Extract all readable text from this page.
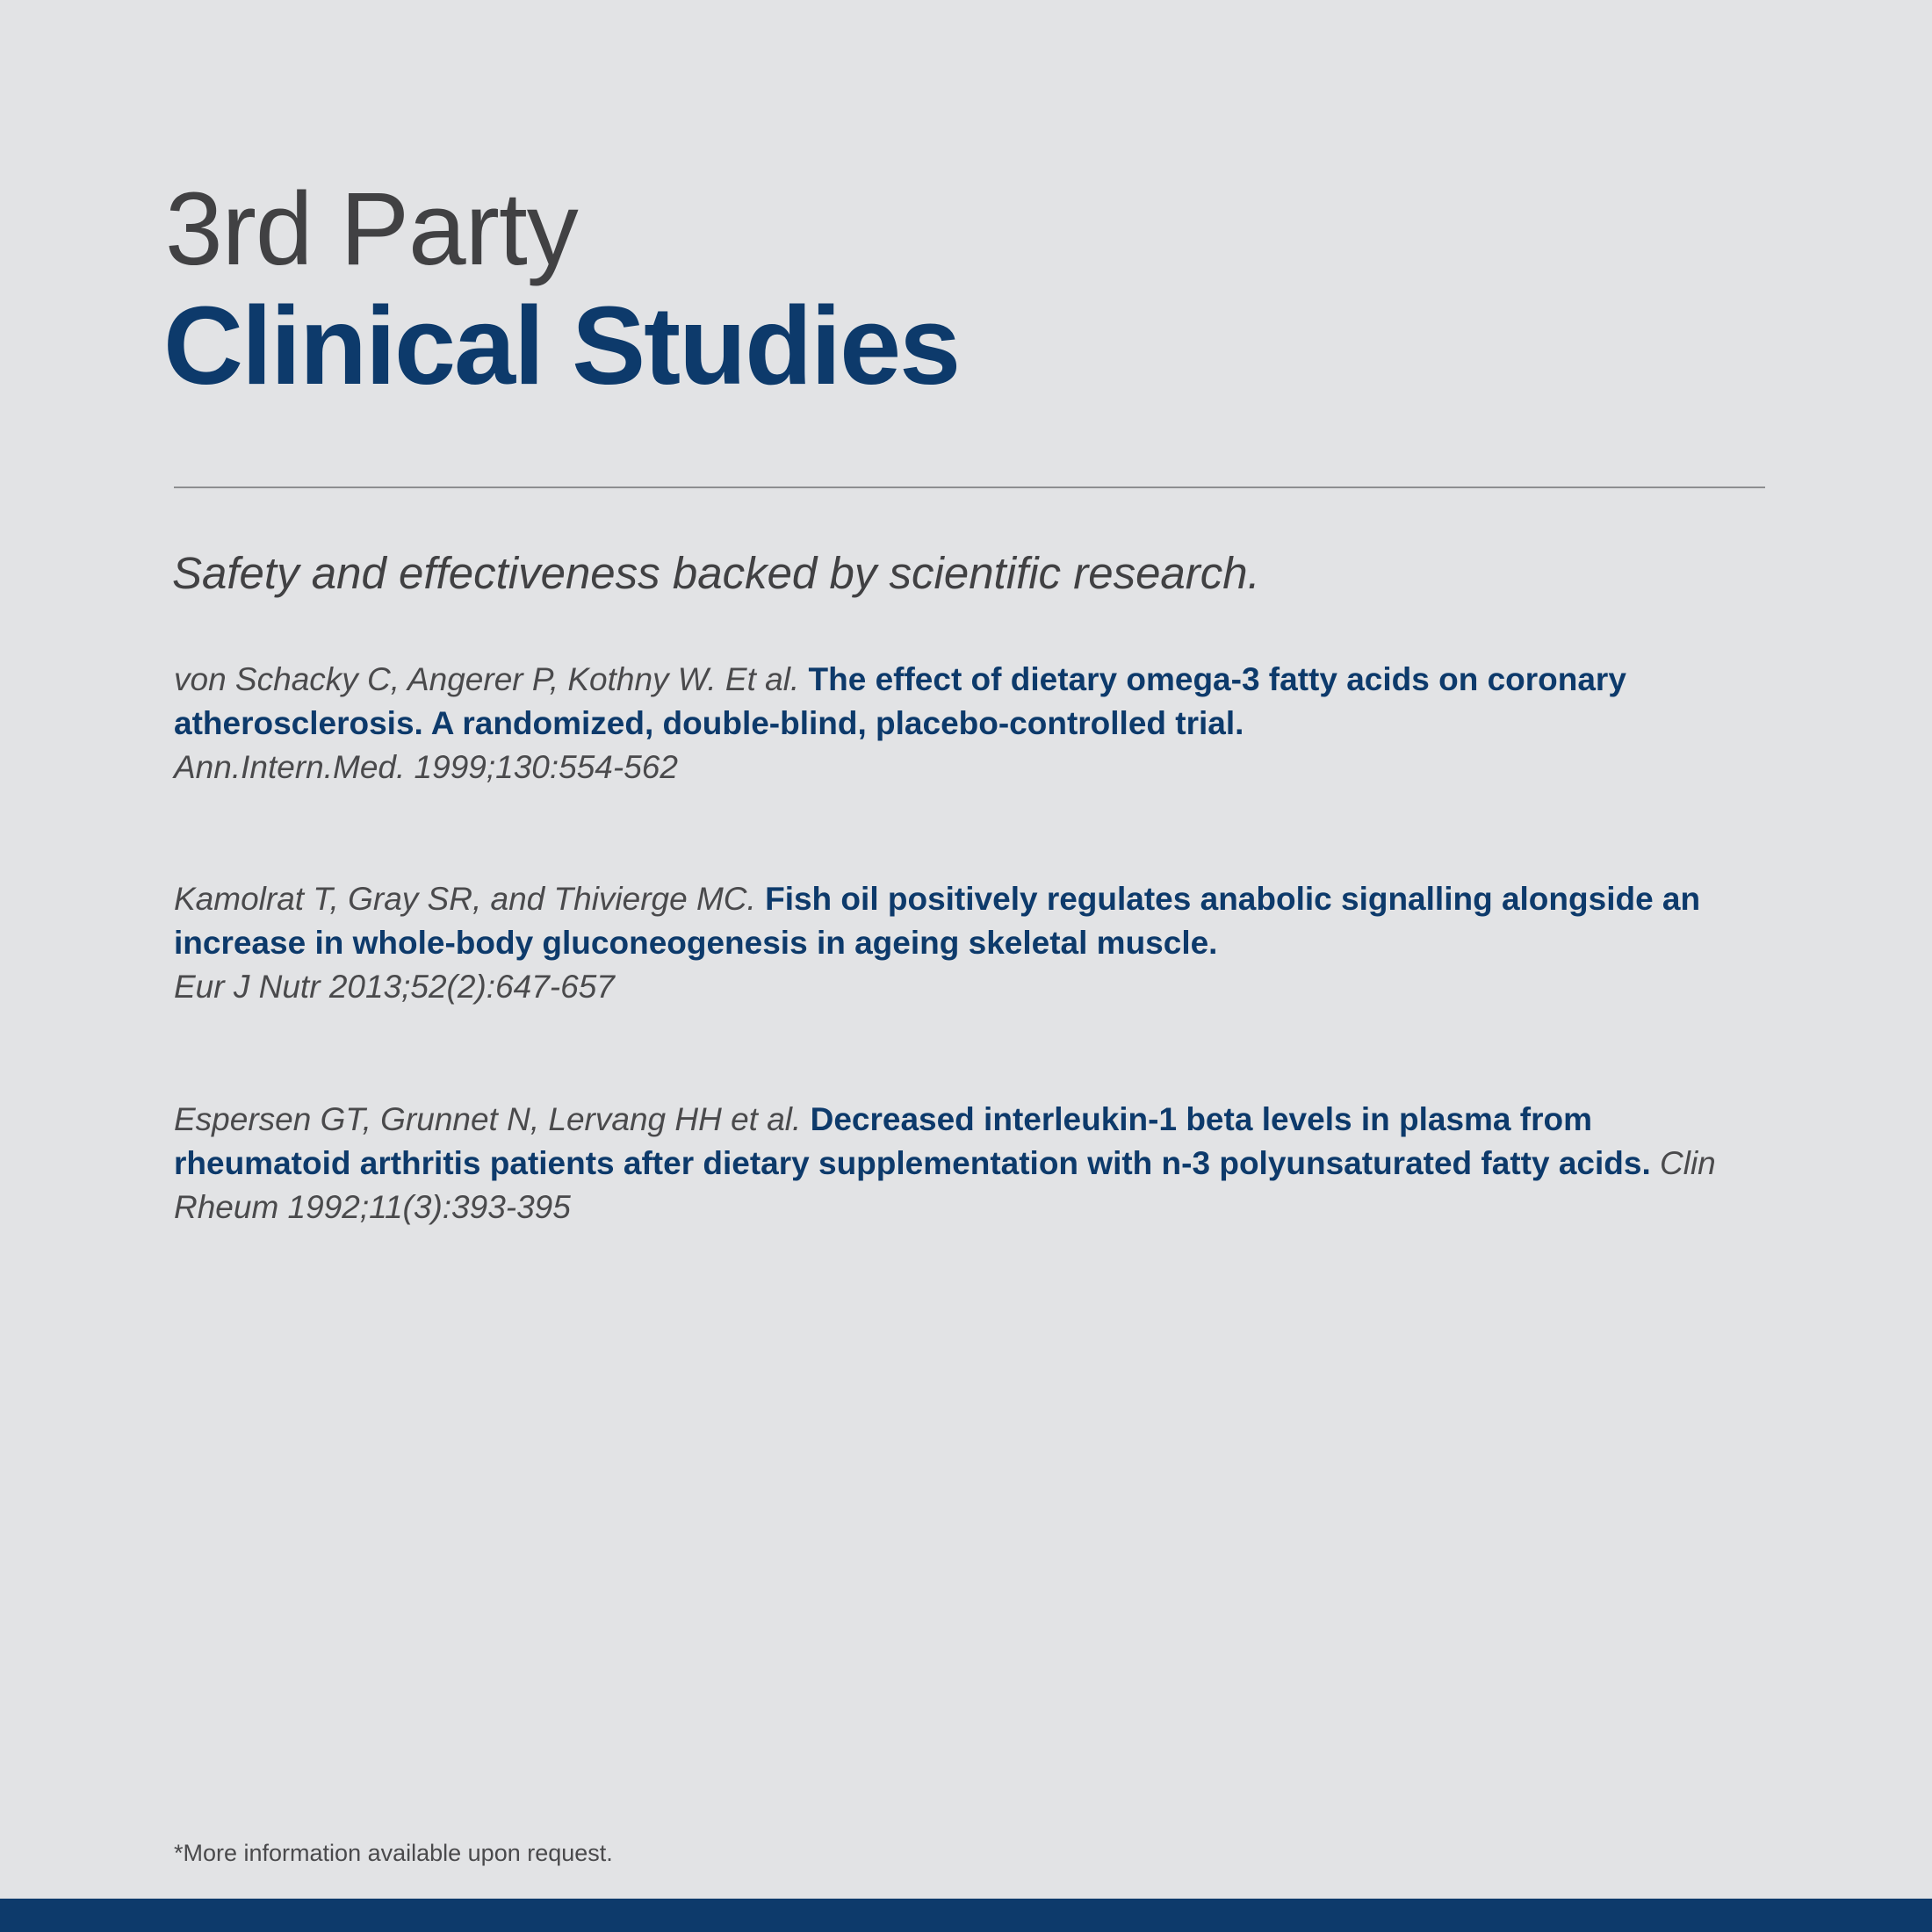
3rd Party
Clinical Studies

Safety and effectiveness backed by scientific research.

von Schacky C, Angerer P, Kothny W. Et al. The effect of dietary omega-3 fatty acids on coronary atherosclerosis. A randomized, double-blind, placebo-controlled trial.
Ann.Intern.Med. 1999;130:554-562

Kamolrat T, Gray SR, and Thivierge MC. Fish oil positively regulates anabolic signalling alongside an increase in whole-body gluconeogenesis in ageing skeletal muscle.
Eur J Nutr 2013;52(2):647-657

Espersen GT, Grunnet N, Lervang HH et al. Decreased interleukin-1 beta levels in plasma from rheumatoid arthritis patients after dietary supplementation with n-3 polyunsaturated fatty acids. Clin Rheum 1992;11(3):393-395

*More information available upon request.
